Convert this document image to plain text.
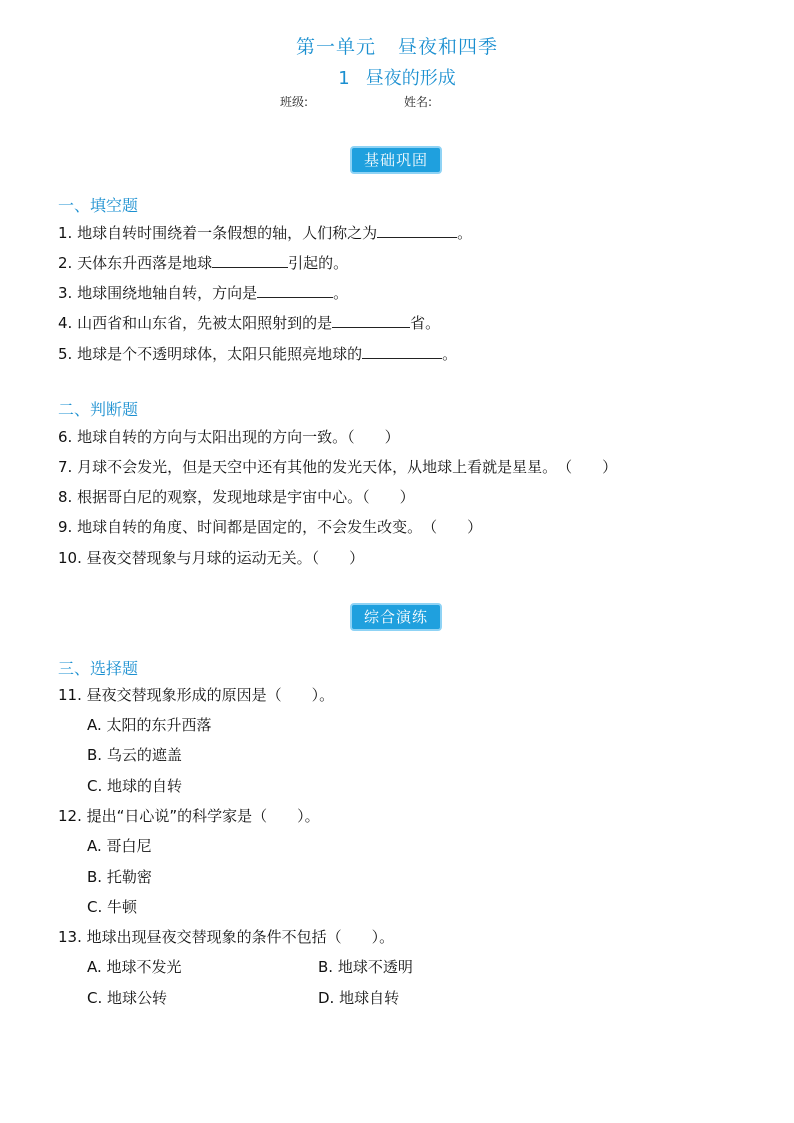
第一单元 昼夜和四季
1 昼夜的形成
班级:	姓名:
基础巩固
一、填空题
1. 地球自转时围绕着一条假想的轴，人们称之为	。
2. 天体东升西落是地球	引起的。
3. 地球围绕地轴自转，方向是	。
4. 山西省和山东省，先被太阳照射到的是	省。
5. 地球是个不透明球体，太阳只能照亮地球的	。
二、判断题
6. 地球自转的方向与太阳出现的方向一致。（　　）
7. 月球不会发光，但是天空中还有其他的发光天体，从地球上看就是星星。　（　　）
8. 根据哥白尼的观察，发现地球是宇宙中心。（　　）
9. 地球自转的角度、时间都是固定的，不会发生改变。　（　　）
10. 昼夜交替现象与月球的运动无关。（　　）
综合演练
三、选择题
11. 昼夜交替现象形成的原因是（　　）。
A. 太阳的东升西落
B. 乌云的遮盖
C. 地球的自转
12. 提出“日心说”的科学家是（　　）。
A. 哥白尼
B. 托勒密
C. 牛顿
13. 地球出现昼夜交替现象的条件不包括（　　）。
A. 地球不发光	B. 地球不透明
C. 地球公转	D. 地球自转
